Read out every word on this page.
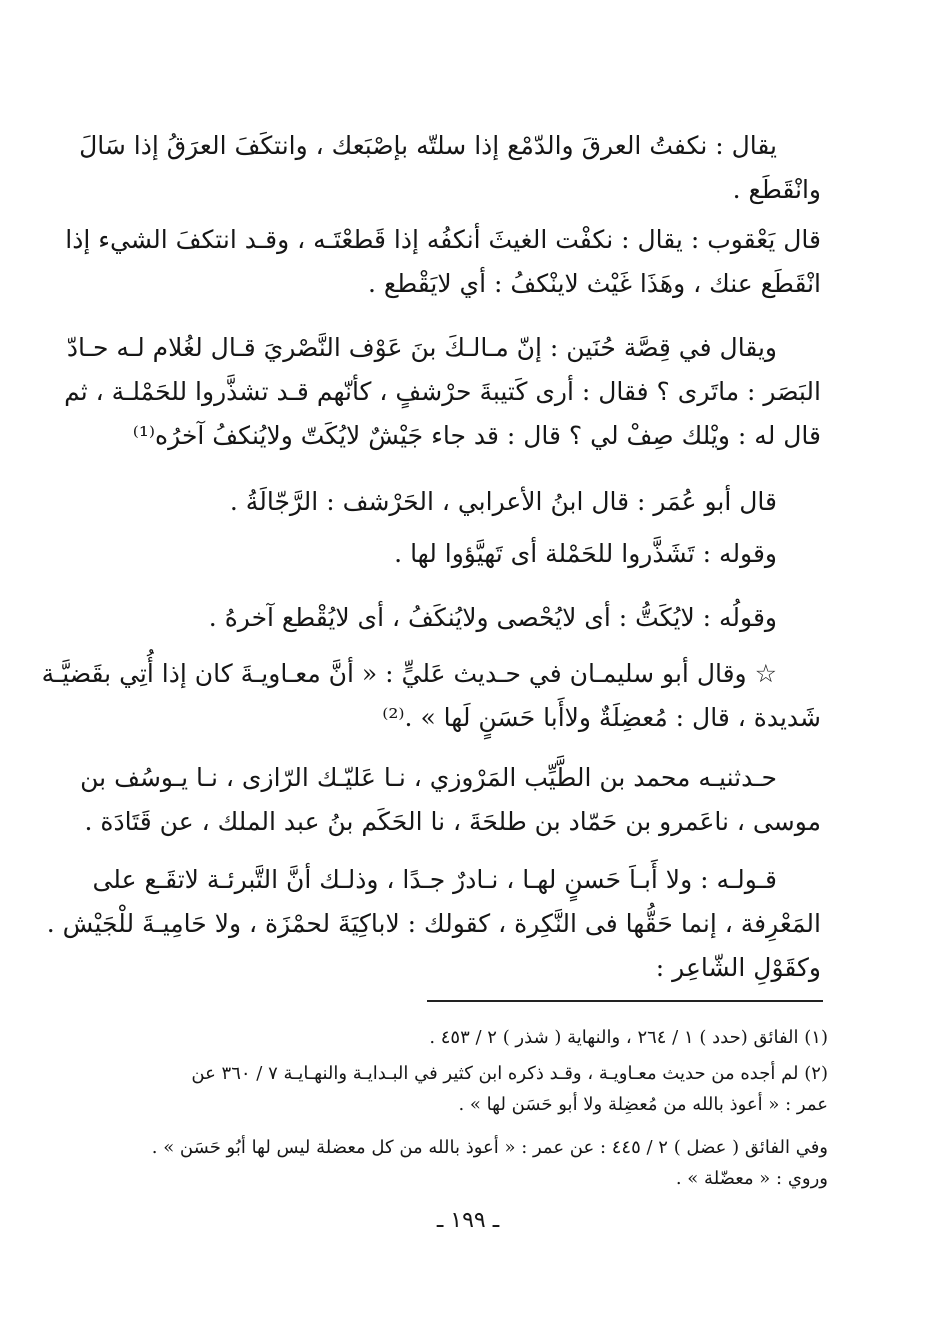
يقال : نكفتُ العرقَ والدّمْع إذا سلتّه بإصْبَعك ، وانتكَفَ العرَقُ إذا سَالَ
وانْقَطَع .
قال يَعْقوب : يقال : نكفْت الغيثَ أنكفُه إذا قَطعْتَـه ، وقـد انتكفَ الشيء إذا
انْقَطَع عنك ، وهَذَا غَيْث لاينْكفُ : أي لايَقْطع .
ويقال في قِصَّة حُنَين : إنّ مـالـكَ بنَ عَوْف النَّصْريَ قـال لغُلام لـه حـادّ
البَصَر : ماتَرى ؟ فقال : أرى كَتيبةَ حرْشفٍ ، كأنّهم قـد تشذَّروا للحَمْلـة ، ثم
قال له : ويْلك صِفْ لي ؟ قال : قد جاء جَيْشٌ لايُكَتّ ولايُنكفُ آخرُه⁽¹⁾
قال أبو عُمَر : قال ابنُ الأعرابي ، الحَرْشف : الرَّجّالَةُ .
وقوله : تَشَذَّروا للحَمْلة أى تَهيَّؤوا لها .
وقولُه : لايُكَتُّ : أى لايُحْصى ولايُنكَفُ ، أى لايُقْطع آخرهُ .
☆ وقال أبو سليمـان في حـديث عَليٍّ : « أنَّ معـاويـةَ كان إذا أُتِي بقَضيَّـة
شَديدة ، قال : مُعضِلَةٌ ولاأَبا حَسَنٍ لَها » .⁽²⁾
حـدثنيـه محمد بن الطَّيِّب المَرْوزي ، نـا عَليّـك الرّازى ، نـا يـوسُف بن
موسى ، ناعَمرو بن حَمّاد بن طلحَةَ ، نا الحَكَم بنُ عبد الملك ، عن قَتَادَة .
قـولـه : ولا أَبـاَ حَسنٍ لهـا ، نـادرٌ جـدًا ، وذلـك أنَّ التَّبرئـة لاتقَـع على
المَعْرِفة ، إنما حَقُّها فى النَّكِرة ، كقولك : لاباكِيَةَ لحمْزَة ، ولا حَامِيـةَ للْجَيْش .
وكقَوْلِ الشّاعِر :
(١) الفائق (حدد ) ١ / ٢٦٤ ، والنهاية ( شذر ) ٢ / ٤٥٣ .
(٢) لم أجده من حديث معـاويـة ، وقـد ذكره ابن كثير في البـدايـة والنهـايـة ٧ / ٣٦٠ عن
عمر : « أعوذ بالله من مُعضِلة ولا أبو حَسَن لها » .
وفي الفائق ( عضل ) ٢ / ٤٤٥ : عن عمر : « أعوذ بالله من كل معضلة ليس لها أبُو حَسَن » .
وروي : « معضّلة » .
ـ ١٩٩ ـ
